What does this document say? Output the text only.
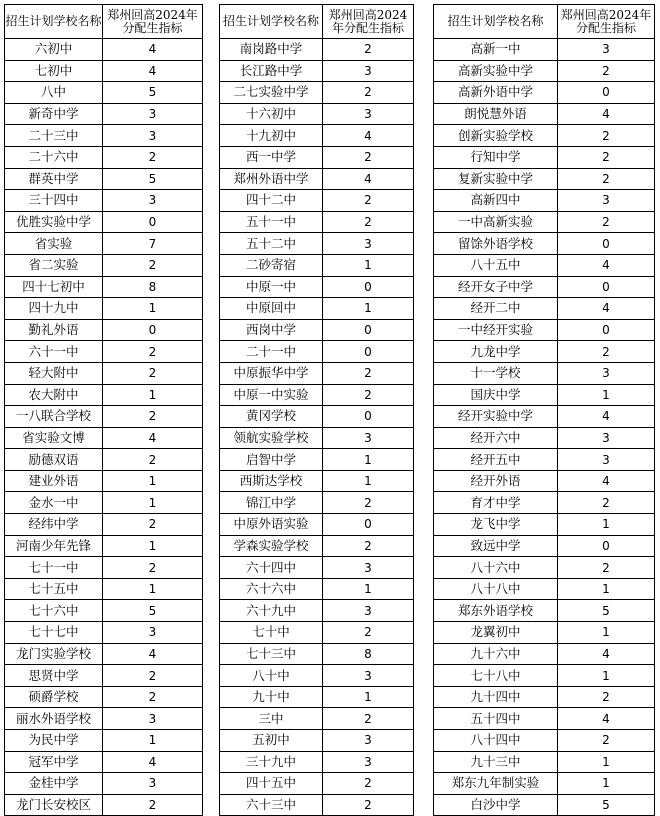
招生计划学校名称	郑州回高2024年分配生指标
六初中	4
七初中	4
八中	5
新奇中学	3
二十三中	3
二十六中	2
群英中学	5
三十四中	3
优胜实验中学	0
省实验	7
省二实验	2
四十七初中	8
四十九中	1
勤礼外语	0
六十一中	2
轻大附中	2
农大附中	1
一八联合学校	2
省实验文博	4
励德双语	2
建业外语	1
金水一中	1
经纬中学	2
河南少年先锋	1
七十一中	2
七十五中	1
七十六中	5
七十七中	3
龙门实验学校	4
思贤中学	2
硕爵学校	2
丽水外语学校	3
为民中学	1
冠军中学	4
金桂中学	3
龙门长安校区	2
招生计划学校名称	郑州回高2024年分配生指标
南岗路中学	2
长江路中学	3
二七实验中学	2
十六初中	3
十九初中	4
西一中学	2
郑州外语中学	4
四十二中	2
五十一中	2
五十二中	3
二砂寄宿	1
中原一中	0
中原回中	1
西岗中学	0
二十一中	0
中原振华中学	2
中原一中实验	2
黄冈学校	0
领航实验学校	3
启智中学	1
西斯达学校	1
锦江中学	2
中原外语实验	0
学森实验学校	2
六十四中	3
六十六中	1
六十九中	3
七十中	2
七十三中	8
八十中	3
九十中	1
三中	2
五初中	3
三十九中	3
四十五中	2
六十三中	2
招生计划学校名称	郑州回高2024年分配生指标
高新一中	3
高新实验中学	2
高新外语中学	0
朗悦慧外语	4
创新实验学校	2
行知中学	2
复新实验中学	2
高新四中	3
一中高新实验	2
留馀外语学校	0
八十五中	4
经开女子中学	0
经开二中	4
一中经开实验	0
九龙中学	2
十一学校	3
国庆中学	1
经开实验中学	4
经开六中	3
经开五中	3
经开外语	4
育才中学	2
龙飞中学	1
致远中学	0
八十六中	2
八十八中	1
郑东外语学校	5
龙翼初中	1
九十六中	4
七十八中	1
九十四中	2
五十四中	4
八十四中	2
九十三中	1
郑东九年制实验	1
白沙中学	5
